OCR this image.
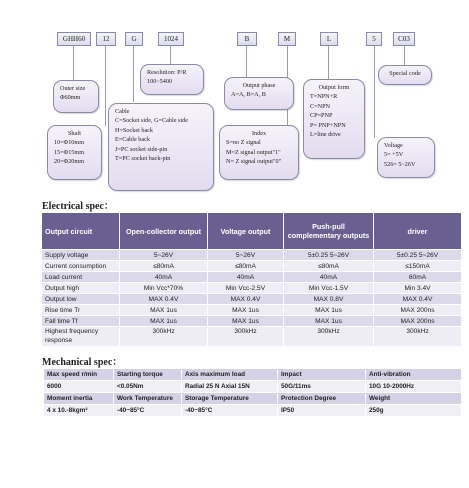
GHH60	12	G	1024	B	M	L	5	C03
Outer size
Φ60mm
Shaft
10=Φ10mm
15=Φ15mm
20=Φ20mm
Cable
C=Socket side, G=Cable side
H=Socket back
E=Cable back
J=PC socket side-pin
T=PC socket back-pin
Resolution: P/R
100~5400
Output phase
A=A, B=A, B
Index
S=no Z signal
M=Z signal output"1"
N= Z signal output"0"
Output form
T=NPN+R
C=NPN
CP=PNP
P= PNP+NPN
L=line drive
Special code
Voltage
5= +5V
526= 5~26V
Electrical spec：
Output circuit	Open-collector output	Voltage output	Push-pull complementary outputs	driver
Supply voltage	5~26V	5~26V	5±0.25 5~26V	5±0.25 5~26V
Current consumption	≤80mA	≤80mA	≤80mA	≤150mA
Load current	40mA	40mA	40mA	60mA
Output high	Min Vcc*70%	Min Vcc-2.5V	Min Vcc-1.5V	Min 3.4V
Output low	MAX 0.4V	MAX 0.4V	MAX 0.8V	MAX 0.4V
Rise time Tr	MAX 1us	MAX 1us	MAX 1us	MAX 200ns
Fall time Tf	MAX 1us	MAX 1us	MAX 1us	MAX 200ns
Highest frequency response	300kHz	300kHz	300kHz	300kHz
Mechanical spec：
Max speed r/min	Starting torque	Axis maximum load	Impact	Anti-vibration
6000	<0.05Nm	Radial 25 N Axial 15N	50G/11ms	10G 10-2000Hz
Moment inertia	Work Temperature	Storage Temperature	Protection Degree	Weight
4 x 10.-8kgm²	-40~85°C	-40~85°C	IP50	250g
